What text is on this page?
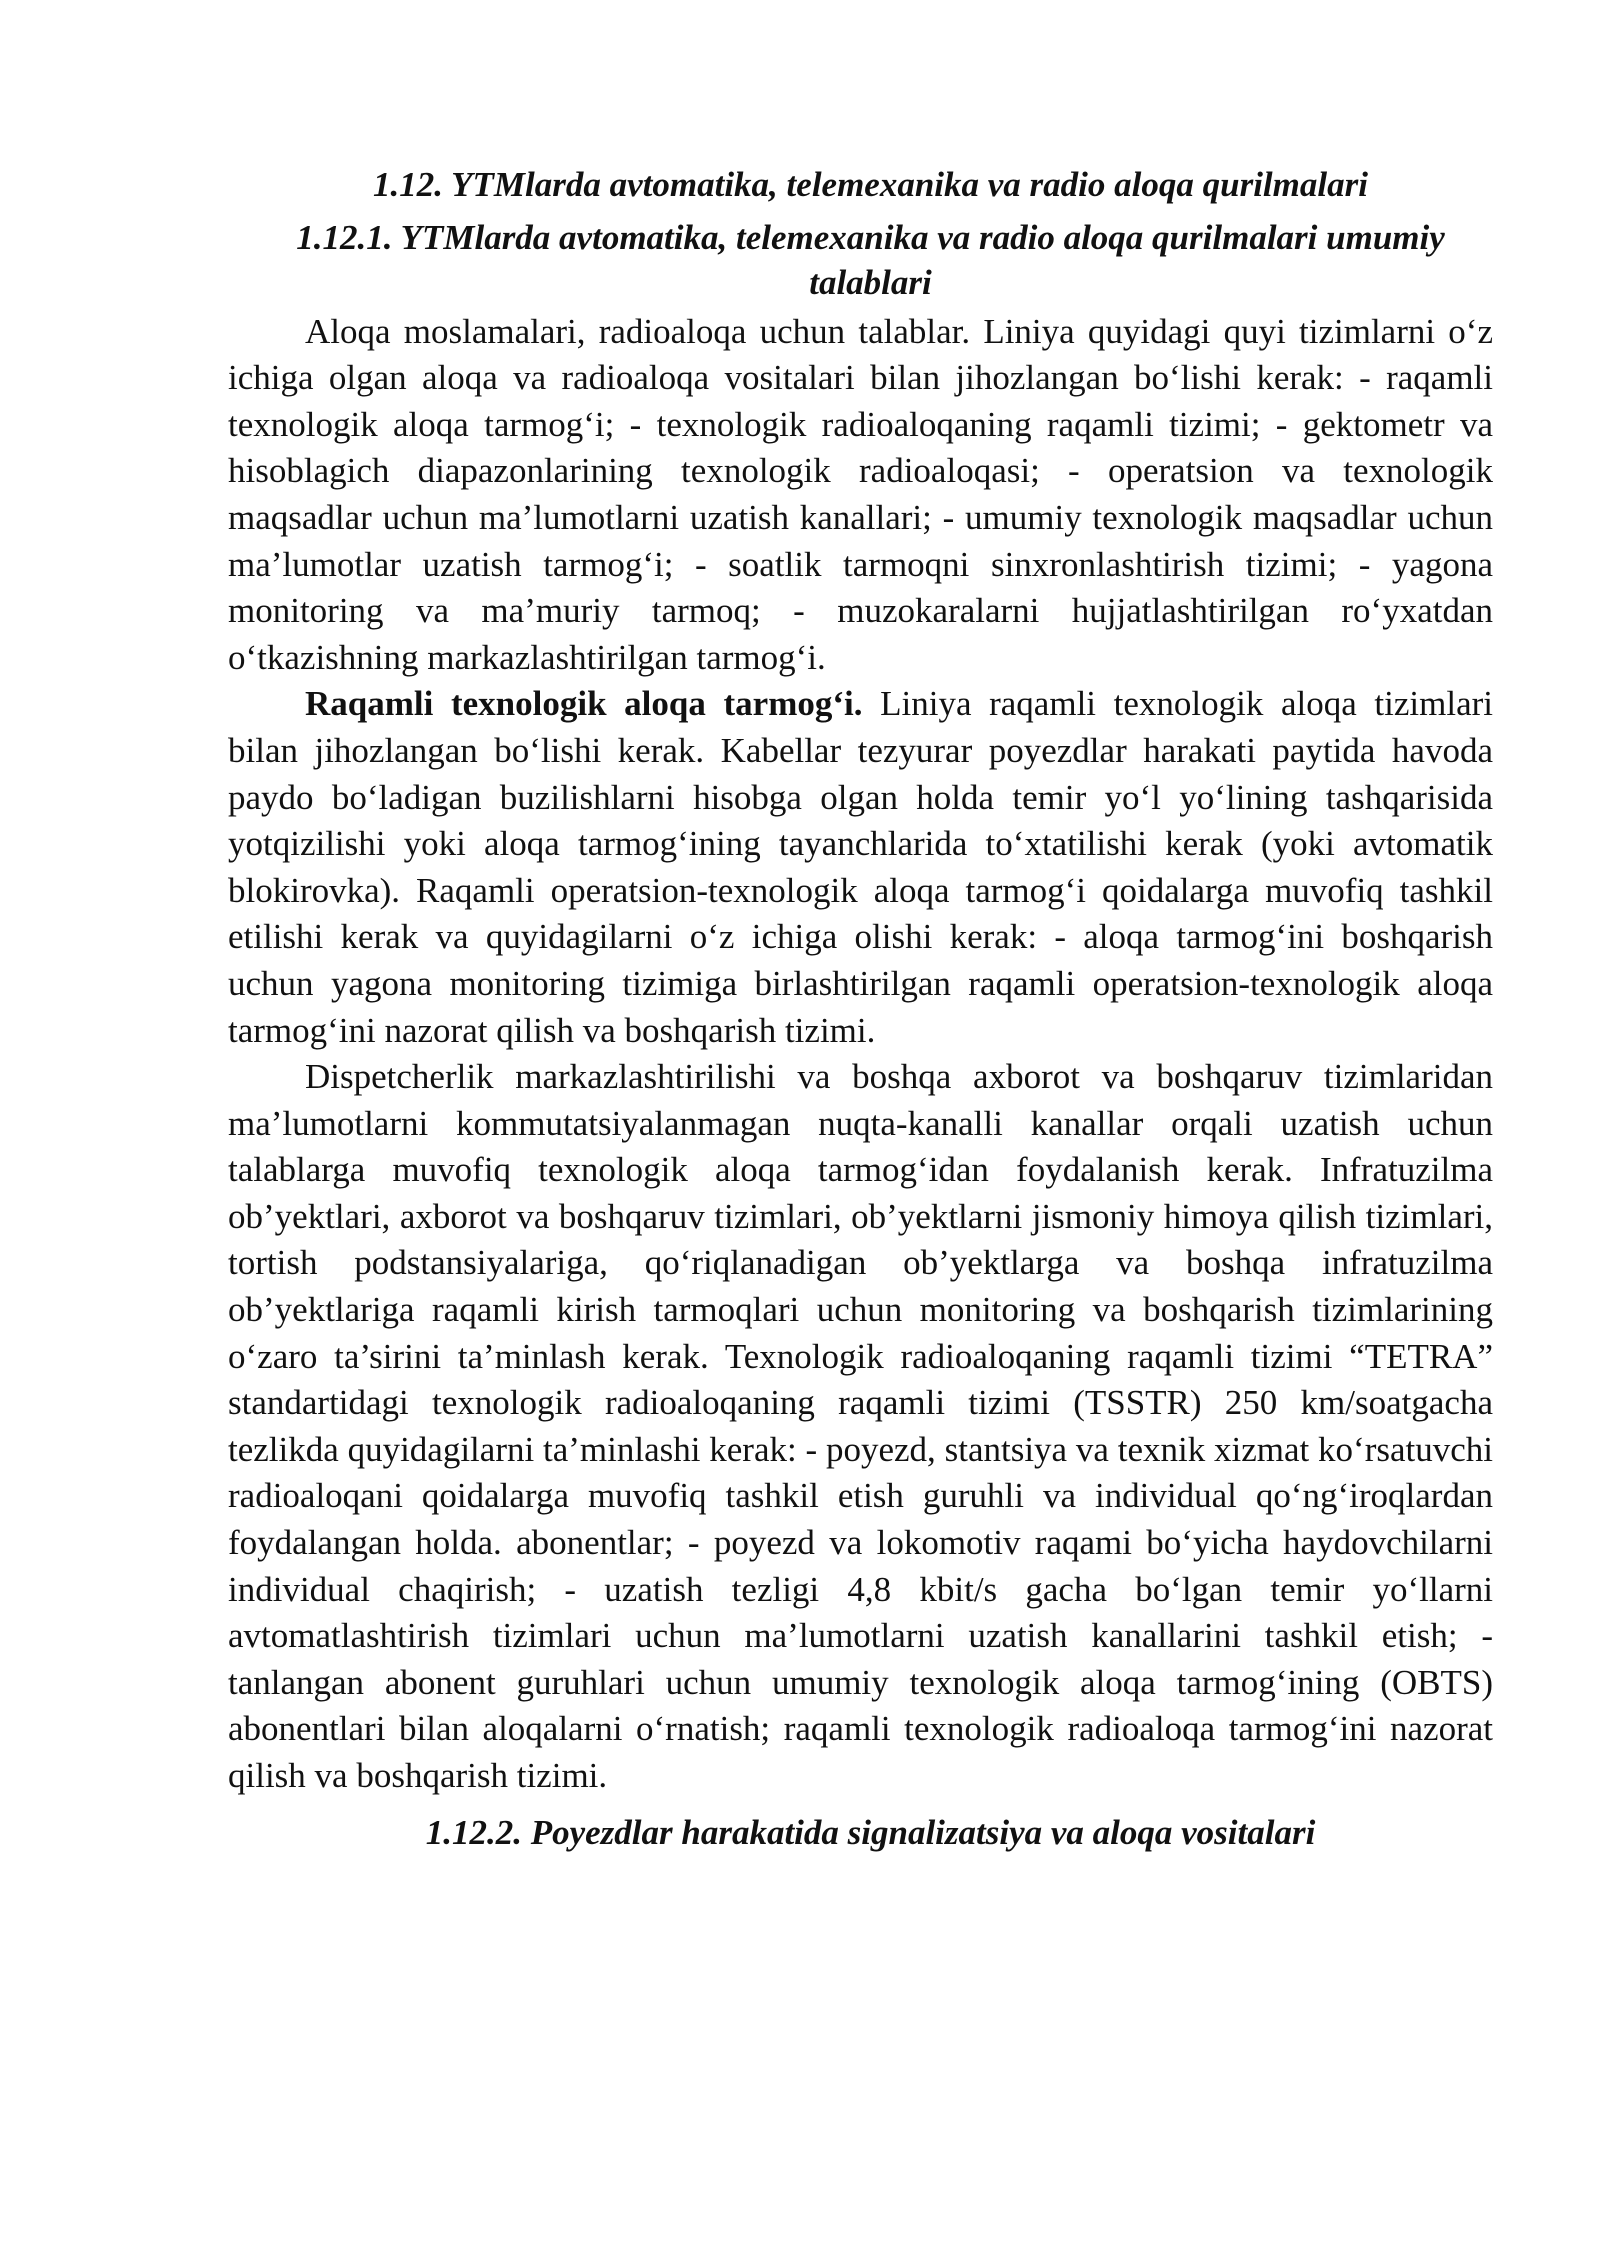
1.12. YTMlarda avtomatika, telemexanika va radio aloqa qurilmalari

1.12.1. YTMlarda avtomatika, telemexanika va radio aloqa qurilmalari umumiy talablari

Aloqa moslamalari, radioaloqa uchun talablar. Liniya quyidagi quyi tizimlarni o‘z ichiga olgan aloqa va radioaloqa vositalari bilan jihozlangan bo‘lishi kerak: - raqamli texnologik aloqa tarmog‘i; - texnologik radioaloqaning raqamli tizimi; - gektometr va hisoblagich diapazonlarining texnologik radioaloqasi; - operatsion va texnologik maqsadlar uchun ma’lumotlarni uzatish kanallari; - umumiy texnologik maqsadlar uchun ma’lumotlar uzatish tarmog‘i; - soatlik tarmoqni sinxronlashtirish tizimi; - yagona monitoring va ma’muriy tarmoq; - muzokaralarni hujjatlashtirilgan ro‘yxatdan o‘tkazishning markazlashtirilgan tarmog‘i.

Raqamli texnologik aloqa tarmog‘i. Liniya raqamli texnologik aloqa tizimlari bilan jihozlangan bo‘lishi kerak. Kabellar tezyurar poyezdlar harakati paytida havoda paydo bo‘ladigan buzilishlarni hisobga olgan holda temir yo‘l yo‘lining tashqarisida yotqizilishi yoki aloqa tarmog‘ining tayanchlarida to‘xtatilishi kerak (yoki avtomatik blokirovka). Raqamli operatsion-texnologik aloqa tarmog‘i qoidalarga muvofiq tashkil etilishi kerak va quyidagilarni o‘z ichiga olishi kerak: - aloqa tarmog‘ini boshqarish uchun yagona monitoring tizimiga birlashtirilgan raqamli operatsion-texnologik aloqa tarmog‘ini nazorat qilish va boshqarish tizimi.

Dispetcherlik markazlashtirilishi va boshqa axborot va boshqaruv tizimlaridan ma’lumotlarni kommutatsiyalanmagan nuqta-kanalli kanallar orqali uzatish uchun talablarga muvofiq texnologik aloqa tarmog‘idan foydalanish kerak. Infratuzilma ob’yektlari, axborot va boshqaruv tizimlari, ob’yektlarni jismoniy himoya qilish tizimlari, tortish podstansiyalariga, qo‘riqlanadigan ob’yektlarga va boshqa infratuzilma ob’yektlariga raqamli kirish tarmoqlari uchun monitoring va boshqarish tizimlarining o‘zaro ta’sirini ta’minlash kerak. Texnologik radioaloqaning raqamli tizimi “TETRA” standartidagi texnologik radioaloqaning raqamli tizimi (TSSTR) 250 km/soatgacha tezlikda quyidagilarni ta’minlashi kerak: - poyezd, stantsiya va texnik xizmat ko‘rsatuvchi radioaloqani qoidalarga muvofiq tashkil etish guruhli va individual qo‘ng‘iroqlardan foydalangan holda. abonentlar; - poyezd va lokomotiv raqami bo‘yicha haydovchilarni individual chaqirish; - uzatish tezligi 4,8 kbit/s gacha bo‘lgan temir yo‘llarni avtomatlashtirish tizimlari uchun ma’lumotlarni uzatish kanallarini tashkil etish; - tanlangan abonent guruhlari uchun umumiy texnologik aloqa tarmog‘ining (OBTS) abonentlari bilan aloqalarni o‘rnatish; raqamli texnologik radioaloqa tarmog‘ini nazorat qilish va boshqarish tizimi.

1.12.2. Poyezdlar harakatida signalizatsiya va aloqa vositalari
